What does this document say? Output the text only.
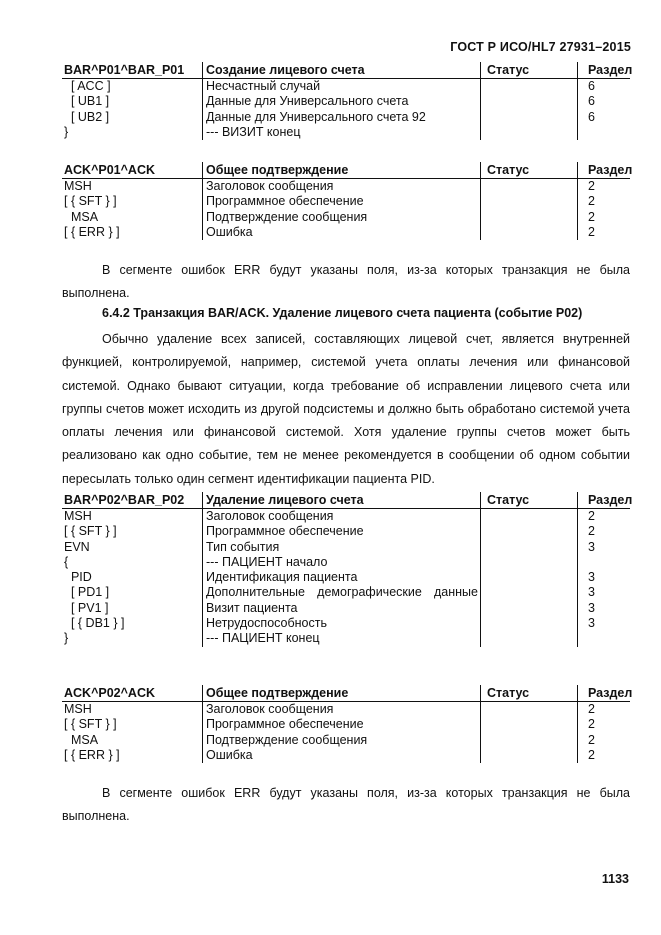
ГОСТ Р ИСО/HL7 27931–2015
BAR^P01^BAR_P01	Создание лицевого счета	Статус	Раздел
[ ACC ]	Несчастный случай		6
[ UB1 ]	Данные для Универсального счета		6
[ UB2 ]	Данные для Универсального счета 92		6
}	--- ВИЗИТ конец		
ACK^P01^ACK	Общее подтверждение	Статус	Раздел
MSH	Заголовок сообщения		2
[ { SFT } ]	Программное обеспечение		2
MSA	Подтверждение сообщения		2
[ { ERR } ]	Ошибка		2

В сегменте ошибок ERR будут указаны поля, из-за которых транзакция не была выполнена.

6.4.2 Транзакция BAR/ACK. Удаление лицевого счета пациента (событие P02)

Обычно удаление всех записей, составляющих лицевой счет, является внутренней функцией, контролируемой, например, системой учета оплаты лечения или финансовой системой. Однако бывают ситуации, когда требование об исправлении лицевого счета или группы счетов может исходить из другой подсистемы и должно быть обработано системой учета оплаты лечения или финансовой системой. Хотя удаление группы счетов может быть реализовано как одно событие, тем не менее рекомендуется в сообщении об одном событии пересылать только один сегмент идентификации пациента PID.

BAR^P02^BAR_P02	Удаление лицевого счета	Статус	Раздел
MSH	Заголовок сообщения		2
[ { SFT } ]	Программное обеспечение		2
EVN	Тип события		3
{	--- ПАЦИЕНТ начало		
PID	Идентификация пациента		3
[ PD1 ]	Дополнительные демографические данные		3
[ PV1 ]	Визит пациента		3
[ { DB1 } ]	Нетрудоспособность		3
}	--- ПАЦИЕНТ конец		
ACK^P02^ACK	Общее подтверждение	Статус	Раздел
MSH	Заголовок сообщения		2
[ { SFT } ]	Программное обеспечение		2
MSA	Подтверждение сообщения		2
[ { ERR } ]	Ошибка		2

В сегменте ошибок ERR будут указаны поля, из-за которых транзакция не была выполнена.

1133
